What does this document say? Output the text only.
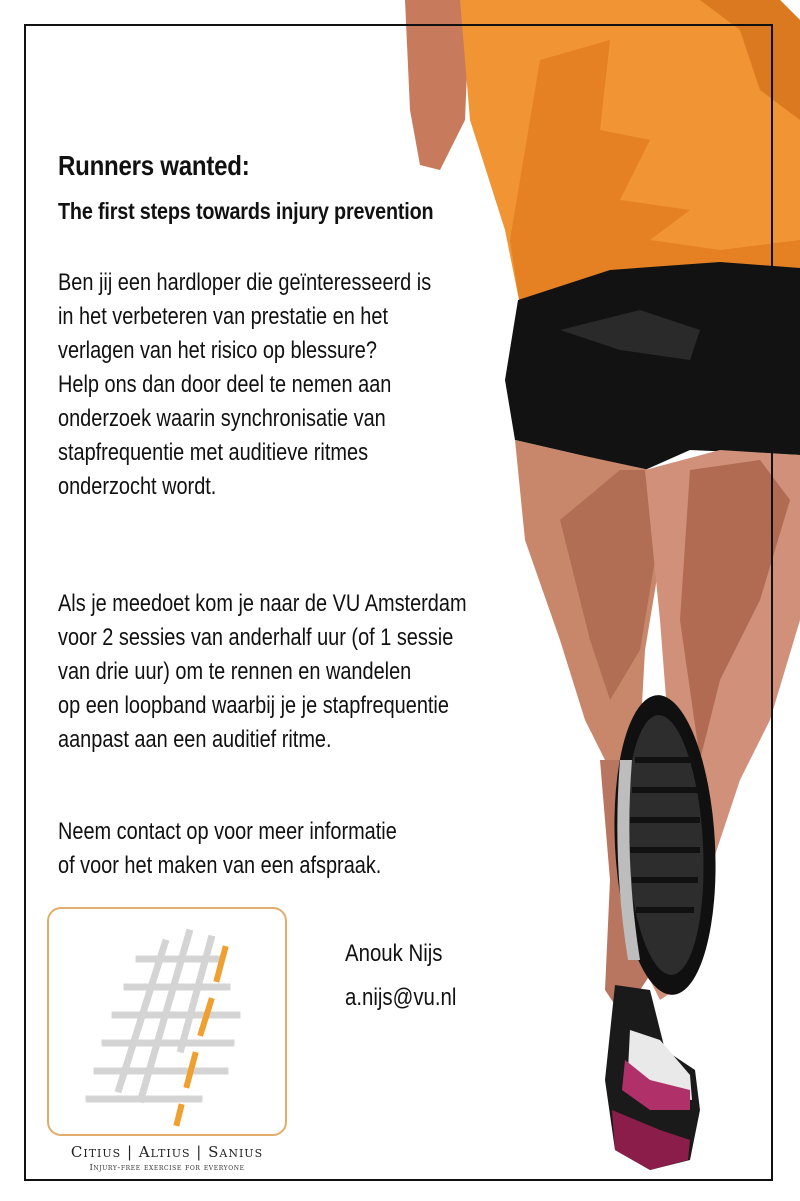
Runners wanted:
The first steps towards injury prevention
Ben jij een hardloper die geïnteresseerd is
in het verbeteren van prestatie en het
verlagen van het risico op blessure?
Help ons dan door deel te nemen aan
onderzoek waarin synchronisatie van
stapfrequentie met auditieve ritmes
onderzocht wordt.
Als je meedoet kom je naar de VU Amsterdam
voor 2 sessies van anderhalf uur (of 1 sessie
van drie uur) om te rennen en wandelen
op een loopband waarbij je je stapfrequentie
aanpast aan een auditief ritme.
Neem contact op voor meer informatie
of voor het maken van een afspraak.
Anouk Nijs
a.nijs@vu.nl
Citius | Altius | Sanius
Injury-free exercise for everyone
